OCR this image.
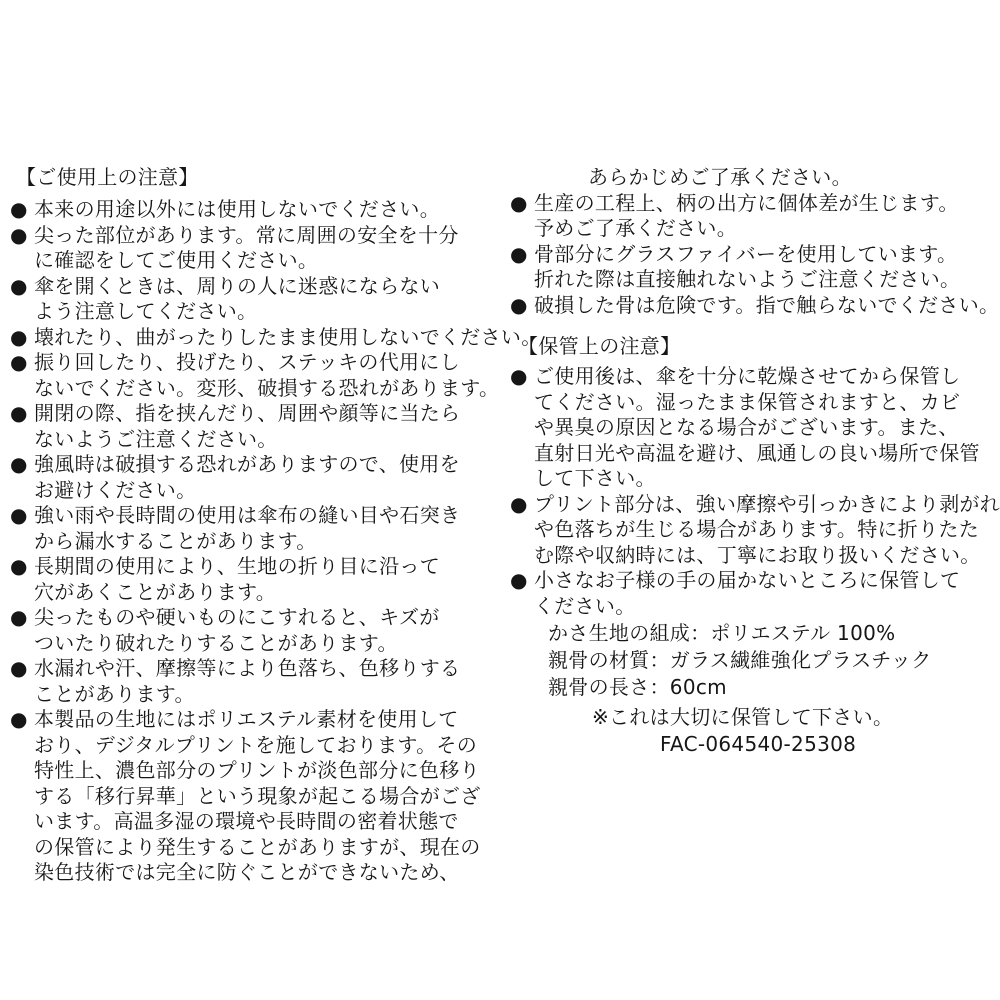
【ご使用上の注意】
● 本来の用途以外には使用しないでください。
● 尖った部位があります。常に周囲の安全を十分
に確認をしてご使用ください。
● 傘を開くときは、周りの人に迷惑にならない
よう注意してください。
● 壊れたり、曲がったりしたまま使用しないでください。
● 振り回したり、投げたり、ステッキの代用にし
ないでください。変形、破損する恐れがあります。
● 開閉の際、指を挟んだり、周囲や顔等に当たら
ないようご注意ください。
● 強風時は破損する恐れがありますので、使用を
お避けください。
● 強い雨や長時間の使用は傘布の縫い目や石突き
から漏水することがあります。
● 長期間の使用により、生地の折り目に沿って
穴があくことがあります。
● 尖ったものや硬いものにこすれると、キズが
ついたり破れたりすることがあります。
● 水漏れや汗、摩擦等により色落ち、色移りする
ことがあります。
● 本製品の生地にはポリエステル素材を使用して
おり、デジタルプリントを施しております。その
特性上、濃色部分のプリントが淡色部分に色移り
する「移行昇華」という現象が起こる場合がござ
います。高温多湿の環境や長時間の密着状態で
の保管により発生することがありますが、現在の
染色技術では完全に防ぐことができないため、
あらかじめご了承ください。
● 生産の工程上、柄の出方に個体差が生じます。
予めご了承ください。
● 骨部分にグラスファイバーを使用しています。
折れた際は直接触れないようご注意ください。
● 破損した骨は危険です。指で触らないでください。
【保管上の注意】
● ご使用後は、傘を十分に乾燥させてから保管し
てください。湿ったまま保管されますと、カビ
や異臭の原因となる場合がございます。また、
直射日光や高温を避け、風通しの良い場所で保管
して下さい。
● プリント部分は、強い摩擦や引っかきにより剥がれ
や色落ちが生じる場合があります。特に折りたた
む際や収納時には、丁寧にお取り扱いください。
● 小さなお子様の手の届かないところに保管して
ください。
かさ生地の組成：ポリエステル 100%
親骨の材質：ガラス繊維強化プラスチック
親骨の長さ：60cm
※これは大切に保管して下さい。
FAC-064540-25308
